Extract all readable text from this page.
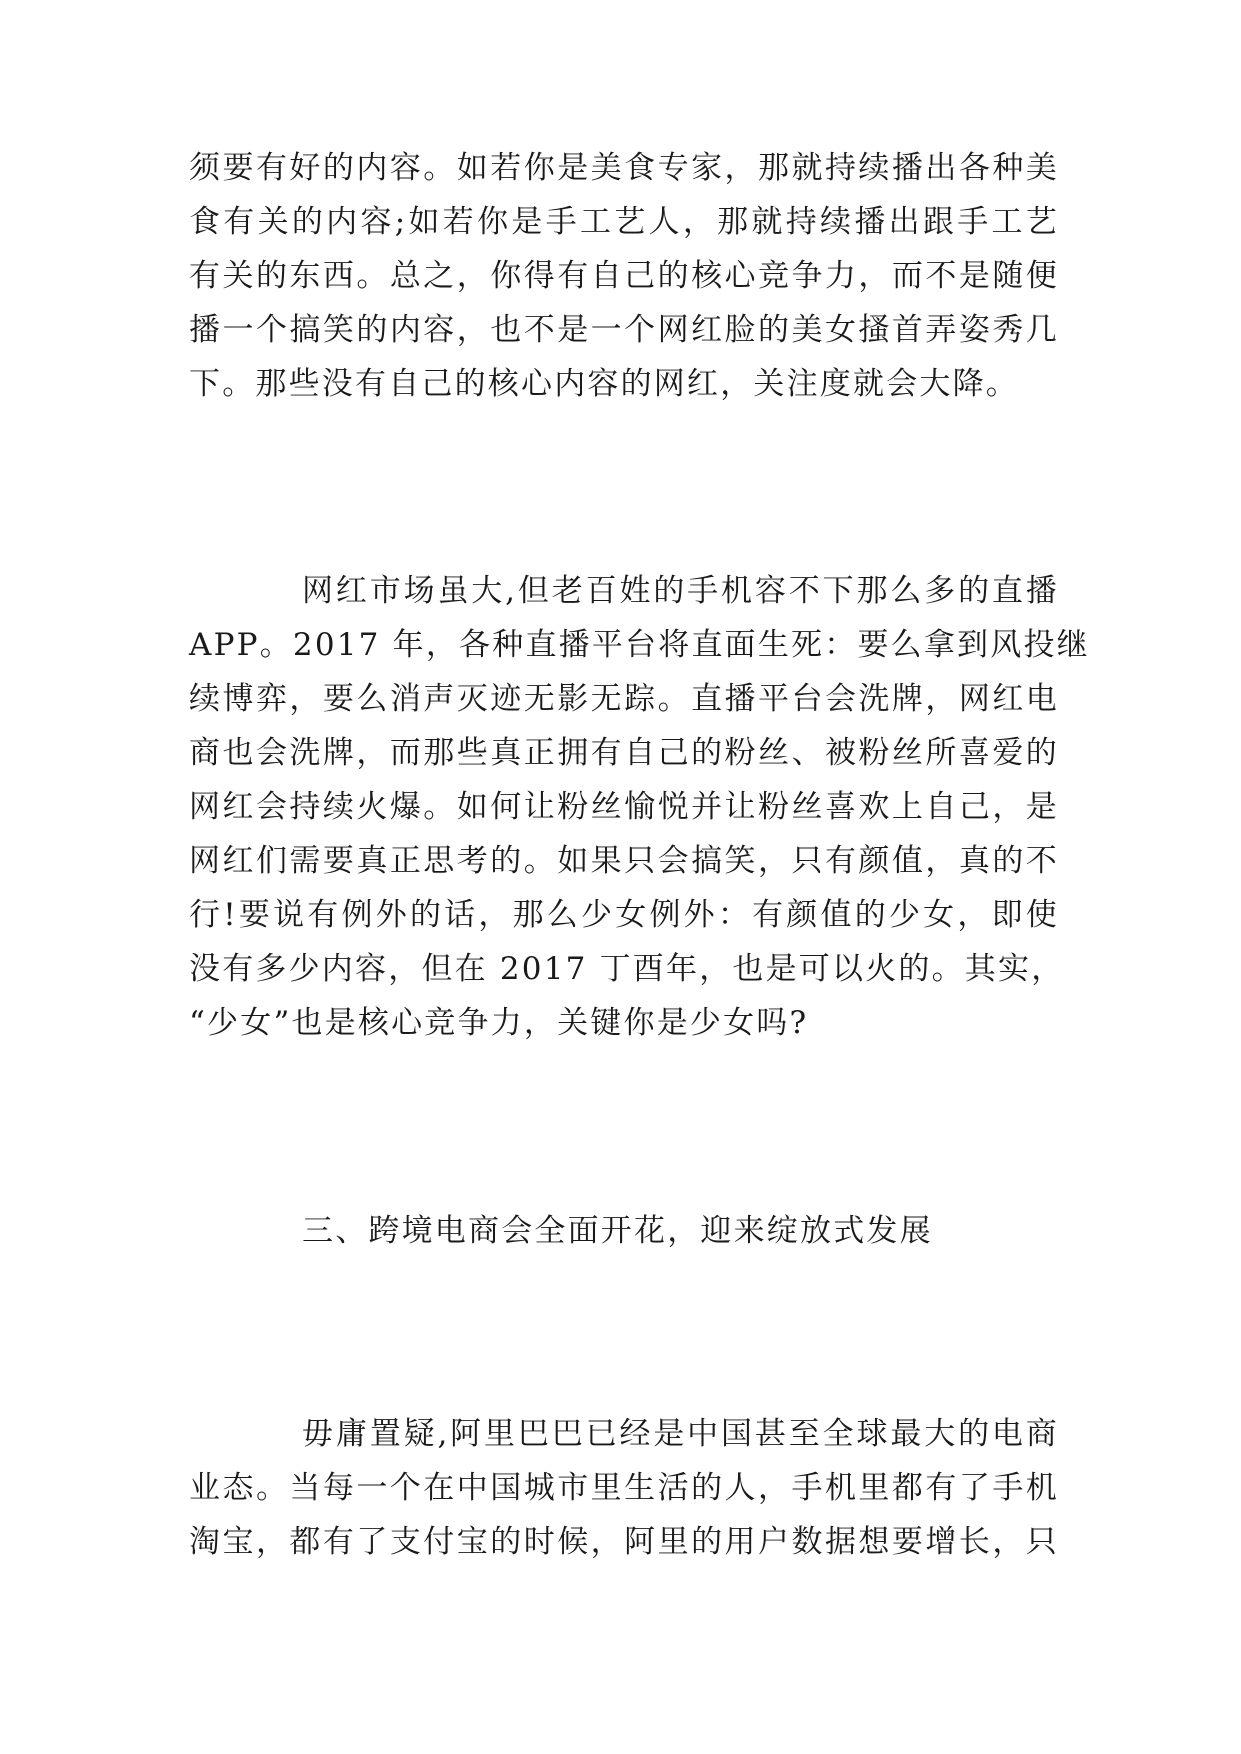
须要有好的内容。如若你是美食专家，那就持续播出各种美
食有关的内容;如若你是手工艺人，那就持续播出跟手工艺
有关的东西。总之，你得有自己的核心竞争力，而不是随便
播一个搞笑的内容，也不是一个网红脸的美女搔首弄姿秀几
下。那些没有自己的核心内容的网红，关注度就会大降。
网红市场虽大,但老百姓的手机容不下那么多的直播
APP。2017 年，各种直播平台将直面生死：要么拿到风投继
续博弈，要么消声灭迹无影无踪。直播平台会洗牌，网红电
商也会洗牌，而那些真正拥有自己的粉丝、被粉丝所喜爱的
网红会持续火爆。如何让粉丝愉悦并让粉丝喜欢上自己，是
网红们需要真正思考的。如果只会搞笑，只有颜值，真的不
行!要说有例外的话，那么少女例外：有颜值的少女，即使
没有多少内容，但在 2017 丁酉年，也是可以火的。其实，
“少女”也是核心竞争力，关键你是少女吗?
三、跨境电商会全面开花，迎来绽放式发展
毋庸置疑,阿里巴巴已经是中国甚至全球最大的电商
业态。当每一个在中国城市里生活的人，手机里都有了手机
淘宝，都有了支付宝的时候，阿里的用户数据想要增长，只
